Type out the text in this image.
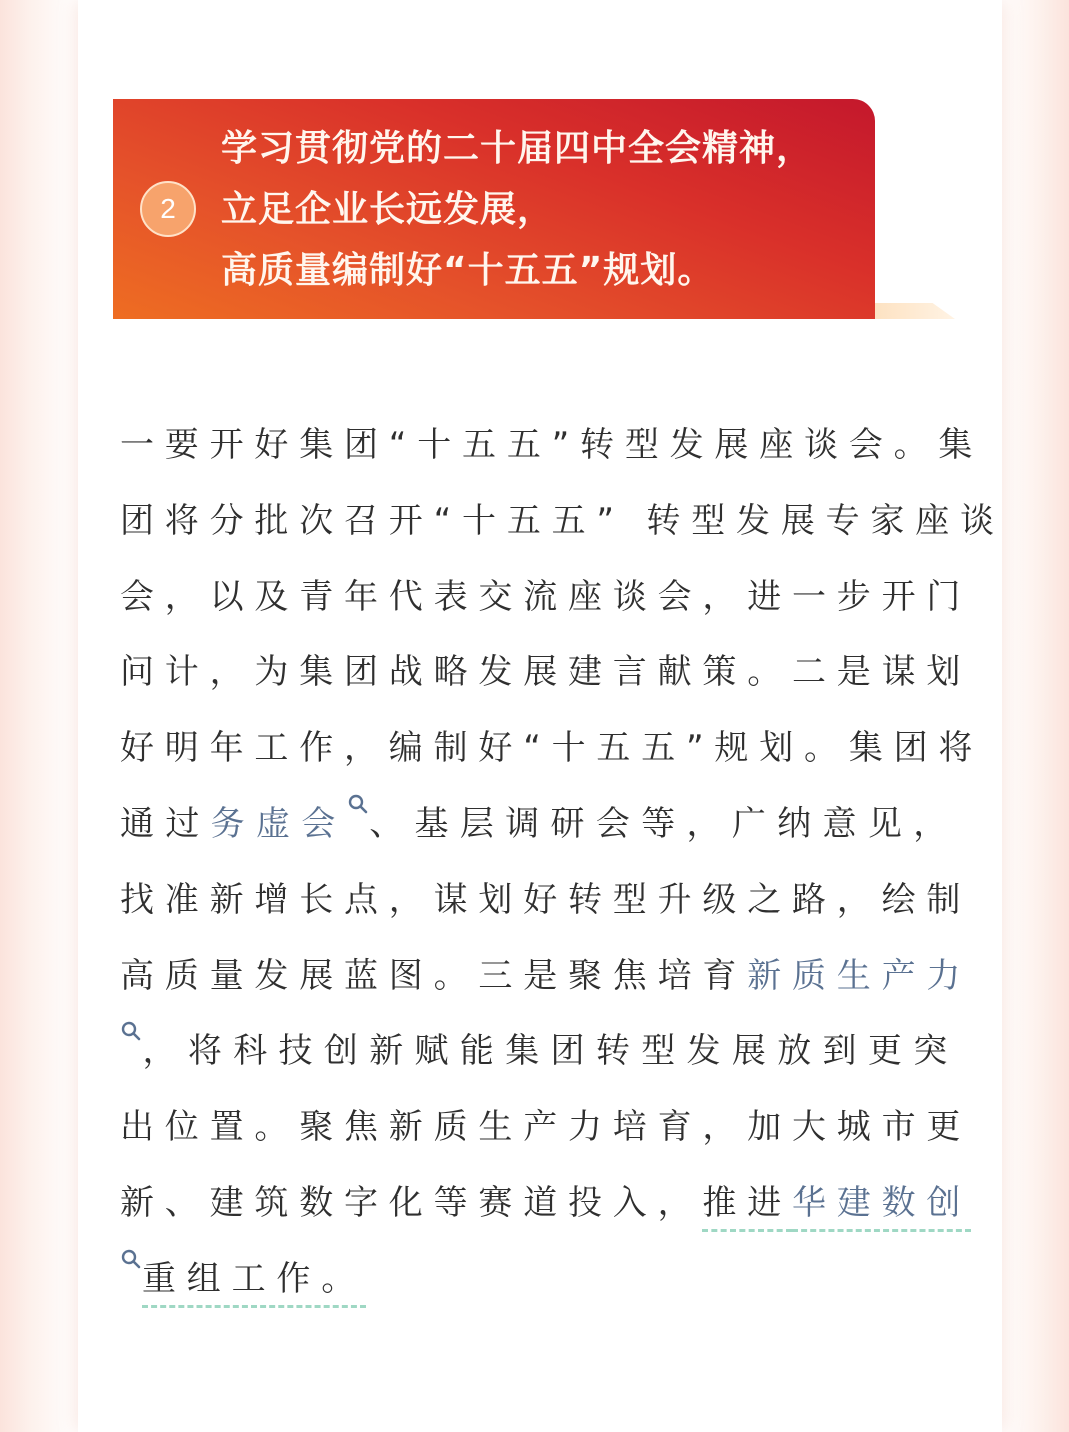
2
学习贯彻党的二十届四中全会精神，
立足企业长远发展，
高质量编制好“十五五”规划。
一要开好集团“十五五”转型发展座谈会。集
团将分批次召开“十五五” 转型发展专家座谈
会，以及青年代表交流座谈会，进一步开门
问计，为集团战略发展建言献策。二是谋划
好明年工作，编制好“十五五”规划。集团将
通过务虚会 、基层调研会等，广纳意见，
找准新增长点，谋划好转型升级之路，绘制
高质量发展蓝图。三是聚焦培育新质生产力
，将科技创新赋能集团转型发展放到更突
出位置。聚焦新质生产力培育，加大城市更
新、建筑数字化等赛道投入，推进华建数创
重组工作。
